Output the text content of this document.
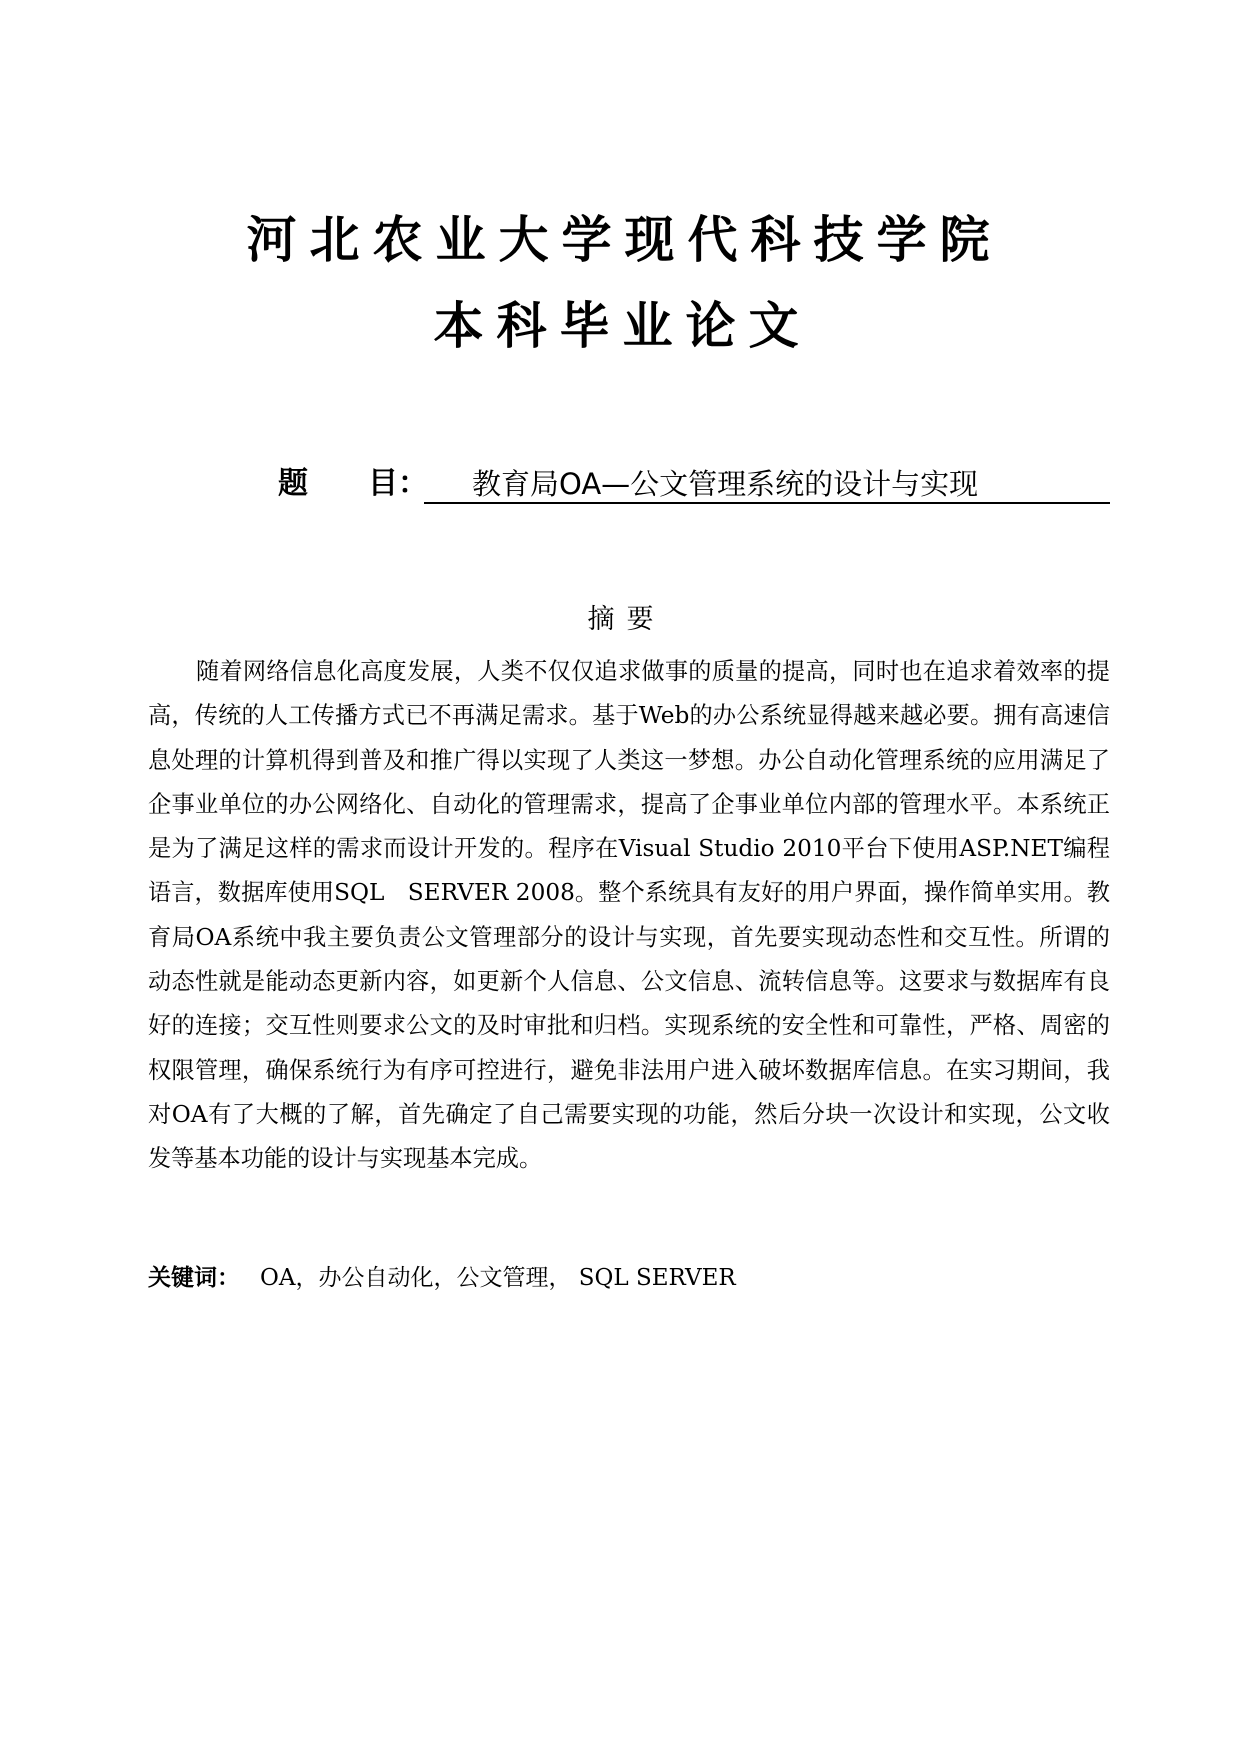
河北农业大学现代科技学院
本科毕业论文
题　　目：	教育局OA—公文管理系统的设计与实现
摘要

随着网络信息化高度发展，人类不仅仅追求做事的质量的提高，同时也在追求着效率的提高，传统的人工传播方式已不再满足需求。基于Web的办公系统显得越来越必要。拥有高速信息处理的计算机得到普及和推广得以实现了人类这一梦想。办公自动化管理系统的应用满足了企事业单位的办公网络化、自动化的管理需求，提高了企事业单位内部的管理水平。本系统正是为了满足这样的需求而设计开发的。程序在Visual Studio 2010平台下使用ASP.NET编程语言，数据库使用SQL　SERVER 2008。整个系统具有友好的用户界面，操作简单实用。教育局OA系统中我主要负责公文管理部分的设计与实现，首先要实现动态性和交互性。所谓的动态性就是能动态更新内容，如更新个人信息、公文信息、流转信息等。这要求与数据库有良好的连接；交互性则要求公文的及时审批和归档。实现系统的安全性和可靠性，严格、周密的权限管理，确保系统行为有序可控进行，避免非法用户进入破坏数据库信息。在实习期间，我对OA有了大概的了解，首先确定了自己需要实现的功能，然后分块一次设计和实现，公文收发等基本功能的设计与实现基本完成。

关键词： OA，办公自动化，公文管理， SQL SERVER
